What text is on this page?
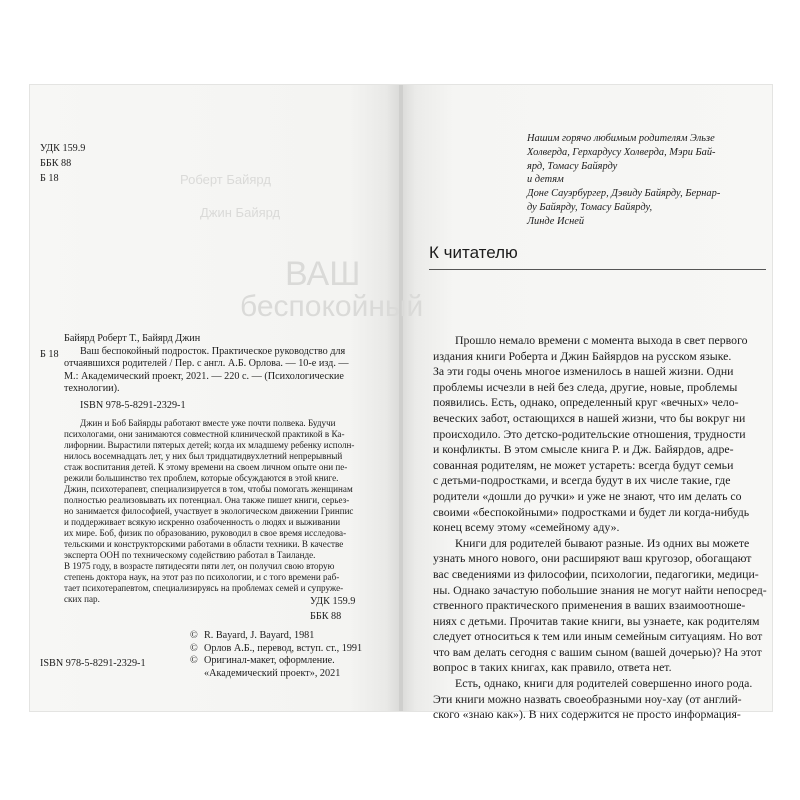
Роберт Байярд
Джин Байярд
ВАШ
беспокойный
УДК 159.9
ББК 88
Б 18
Б 18
Байярд Роберт Т., Байярд Джин
Ваш беспокойный подросток. Практическое руководство для
отчаявшихся родителей / Пер. с англ. А.Б. Орлова. — 10-е изд. —
М.: Академический проект, 2021. — 220 с. — (Психологические
технологии).
ISBN 978-5-8291-2329-1
Джин и Боб Байярды работают вместе уже почти полвека. Будучи
психологами, они занимаются совместной клинической практикой в Ка-
лифорнии. Вырастили пятерых детей; когда их младшему ребенку исполн-
нилось восемнадцать лет, у них был тридцатидвухлетний непрерывный
стаж воспитания детей. К этому времени на своем личном опыте они пе-
режили большинство тех проблем, которые обсуждаются в этой книге.
Джин, психотерапевт, специализируется в том, чтобы помогать женщинам
полностью реализовывать их потенциал. Она также пишет книги, серьез-
но занимается философией, участвует в экологическом движении Гринпис
и поддерживает всякую искренно озабоченность о людях и выживании
их мире. Боб, физик по образованию, руководил в свое время исследова-
тельскими и конструкторскими работами в области техники. В качестве
эксперта ООН по техническому содействию работал в Таиланде.
В 1975 году, в возрасте пятидесяти пяти лет, он получил свою вторую
степень доктора наук, на этот раз по психологии, и с того времени раб-
тает психотерапевтом, специализируясь на проблемах семей и супруже-
ских пар.	УДК 159.9
ББК 88
© R. Bayard, J. Bayard, 1981
© Орлов А.Б., перевод, вступ. ст., 1991
© Оригинал-макет, оформление.
«Академический проект», 2021
ISBN 978-5-8291-2329-1
Нашим горячо любимым родителям Эльзе
Холверда, Герхардусу Холверда, Мэри Бай-
ярд, Томасу Байярду
и детям
Доне Сауэрбургер, Дэвиду Байярду, Бернар-
ду Байярду, Томасу Байярду,
Линде Исней
К читателю
Прошло немало времени с момента выхода в свет первого
издания книги Роберта и Джин Байярдов на русском языке.
За эти годы очень многое изменилось в нашей жизни. Одни
проблемы исчезли в ней без следа, другие, новые, проблемы
появились. Есть, однако, определенный круг «вечных» чело-
веческих забот, остающихся в нашей жизни, что бы вокруг ни
происходило. Это детско-родительские отношения, трудности
и конфликты. В этом смысле книга Р. и Дж. Байярдов, адре-
сованная родителям, не может устареть: всегда будут семьи
с детьми-подростками, и всегда будут в их числе такие, где
родители «дошли до ручки» и уже не знают, что им делать со
своими «беспокойными» подростками и будет ли когда-нибудь
конец всему этому «семейному аду».
Книги для родителей бывают разные. Из одних вы можете
узнать много нового, они расширяют ваш кругозор, обогащают
вас сведениями из философии, психологии, педагогики, медици-
ны. Однако зачастую побольшие знания не могут найти непосред-
ственного практического применения в ваших взаимоотноше-
ниях с детьми. Прочитав такие книги, вы узнаете, как родителям
следует относиться к тем или иным семейным ситуациям. Но вот
что вам делать сегодня с вашим сыном (вашей дочерью)? На этот
вопрос в таких книгах, как правило, ответа нет.
Есть, однако, книги для родителей совершенно иного рода.
Эти книги можно назвать своеобразными ноу-хау (от англий-
ского «знаю как»). В них содержится не просто информация-
